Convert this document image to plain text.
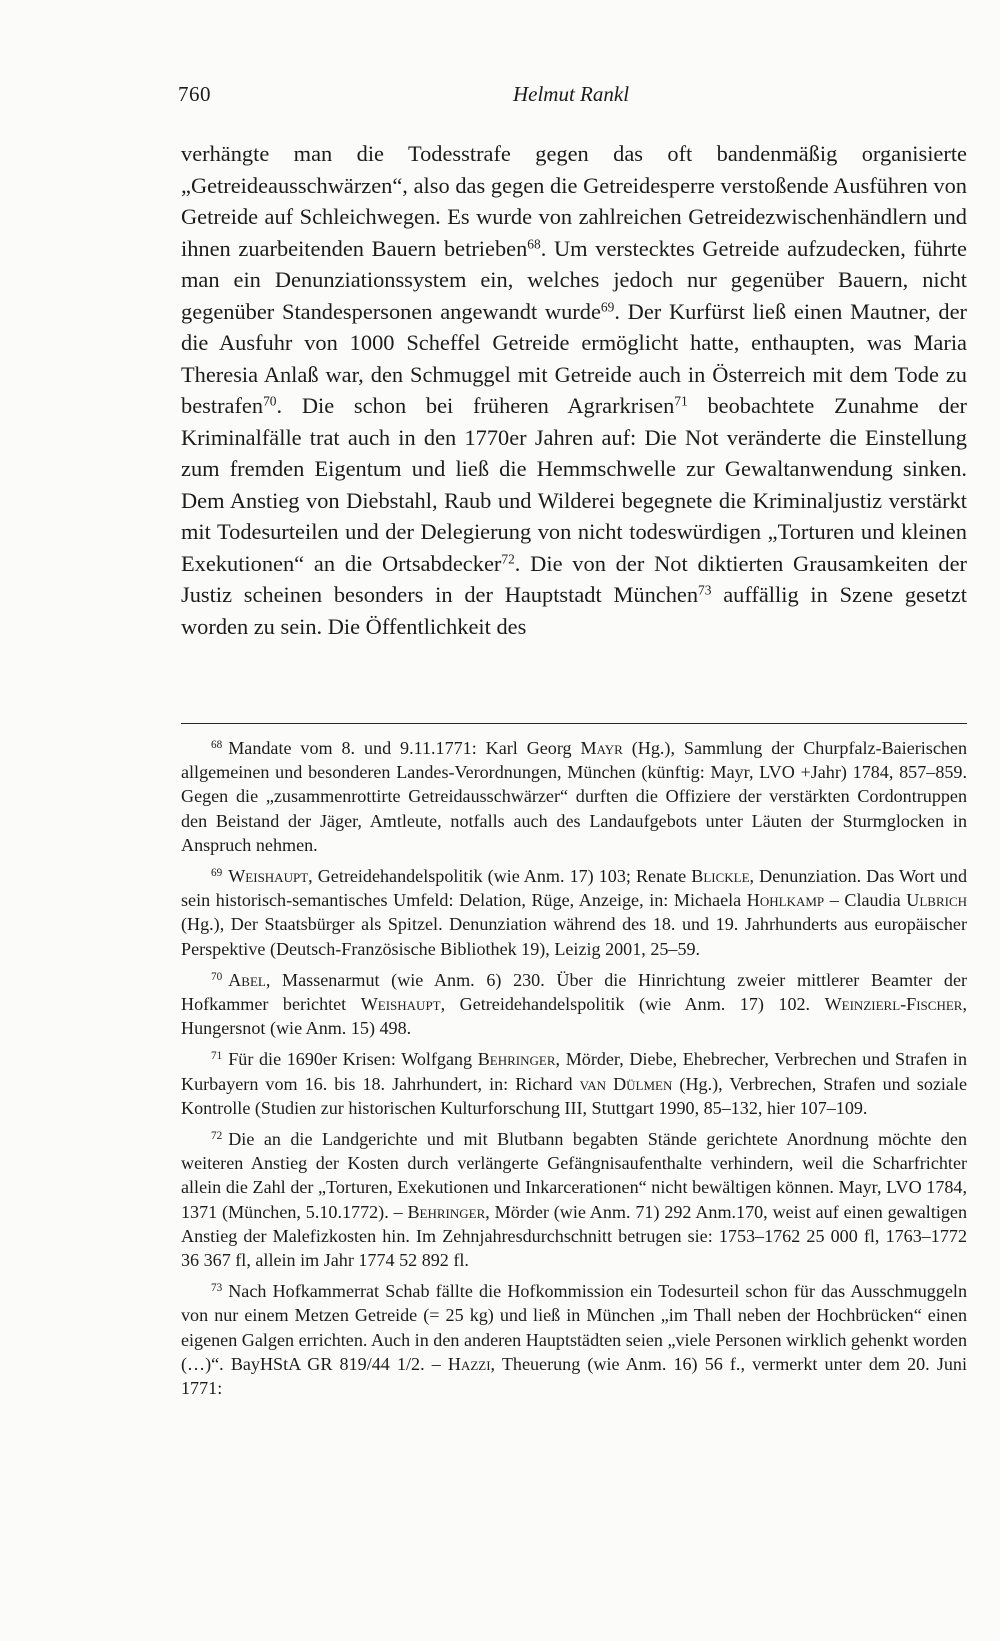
760	Helmut Rankl

verhängte man die Todesstrafe gegen das oft bandenmäßig organisierte „Getreideausschwärzen“, also das gegen die Getreidesperre verstoßende Ausführen von Getreide auf Schleichwegen. Es wurde von zahlreichen Getreidezwischenhändlern und ihnen zuarbeitenden Bauern betrieben$^{68}$. Um verstecktes Getreide aufzudecken, führte man ein Denunziationssystem ein, welches jedoch nur gegenüber Bauern, nicht gegenüber Standespersonen angewandt wurde$^{69}$. Der Kurfürst ließ einen Mautner, der die Ausfuhr von 1000 Scheffel Getreide ermöglicht hatte, enthaupten, was Maria Theresia Anlaß war, den Schmuggel mit Getreide auch in Österreich mit dem Tode zu bestrafen$^{70}$. Die schon bei früheren Agrarkrisen$^{71}$ beobachtete Zunahme der Kriminalfälle trat auch in den 1770er Jahren auf: Die Not veränderte die Einstellung zum fremden Eigentum und ließ die Hemmschwelle zur Gewaltanwendung sinken. Dem Anstieg von Diebstahl, Raub und Wilderei begegnete die Kriminaljustiz verstärkt mit Todesurteilen und der Delegierung von nicht todeswürdigen „Torturen und kleinen Exekutionen“ an die Ortsabdecker$^{72}$. Die von der Not diktierten Grausamkeiten der Justiz scheinen besonders in der Hauptstadt München$^{73}$ auffällig in Szene gesetzt worden zu sein. Die Öffentlichkeit des

$^{68}$ Mandate vom 8. und 9.11.1771: Karl Georg Mayr (Hg.), Sammlung der Churpfalz-Baierischen allgemeinen und besonderen Landes-Verordnungen, München (künftig: Mayr, LVO +Jahr) 1784, 857–859. Gegen die „zusammenrottirte Getreidausschwärzer“ durften die Offiziere der verstärkten Cordontruppen den Beistand der Jäger, Amtleute, notfalls auch des Landaufgebots unter Läuten der Sturmglocken in Anspruch nehmen.

$^{69}$ Weishaupt, Getreidehandelspolitik (wie Anm. 17) 103; Renate Blickle, Denunziation. Das Wort und sein historisch-semantisches Umfeld: Delation, Rüge, Anzeige, in: Michaela Hohlkamp – Claudia Ulbrich (Hg.), Der Staatsbürger als Spitzel. Denunziation während des 18. und 19. Jahrhunderts aus europäischer Perspektive (Deutsch-Französische Bibliothek 19), Leizig 2001, 25–59.

$^{70}$ Abel, Massenarmut (wie Anm. 6) 230. Über die Hinrichtung zweier mittlerer Beamter der Hofkammer berichtet Weishaupt, Getreidehandelspolitik (wie Anm. 17) 102. Weinzierl-Fischer, Hungersnot (wie Anm. 15) 498.

$^{71}$ Für die 1690er Krisen: Wolfgang Behringer, Mörder, Diebe, Ehebrecher, Verbrechen und Strafen in Kurbayern vom 16. bis 18. Jahrhundert, in: Richard van Dülmen (Hg.), Verbrechen, Strafen und soziale Kontrolle (Studien zur historischen Kulturforschung III, Stuttgart 1990, 85–132, hier 107–109.

$^{72}$ Die an die Landgerichte und mit Blutbann begabten Stände gerichtete Anordnung möchte den weiteren Anstieg der Kosten durch verlängerte Gefängnisaufenthalte verhindern, weil die Scharfrichter allein die Zahl der „Torturen, Exekutionen und Inkarcerationen“ nicht bewältigen können. Mayr, LVO 1784, 1371 (München, 5.10.1772). – Behringer, Mörder (wie Anm. 71) 292 Anm.170, weist auf einen gewaltigen Anstieg der Malefizkosten hin. Im Zehnjahresdurchschnitt betrugen sie: 1753–1762 25 000 fl, 1763–1772 36 367 fl, allein im Jahr 1774 52 892 fl.

$^{73}$ Nach Hofkammerrat Schab fällte die Hofkommission ein Todesurteil schon für das Ausschmuggeln von nur einem Metzen Getreide (= 25 kg) und ließ in München „im Thall neben der Hochbrücken“ einen eigenen Galgen errichten. Auch in den anderen Hauptstädten seien „viele Personen wirklich gehenkt worden (…)“. BayHStA GR 819/44 1/2. – Hazzi, Theuerung (wie Anm. 16) 56 f., vermerkt unter dem 20. Juni 1771:
